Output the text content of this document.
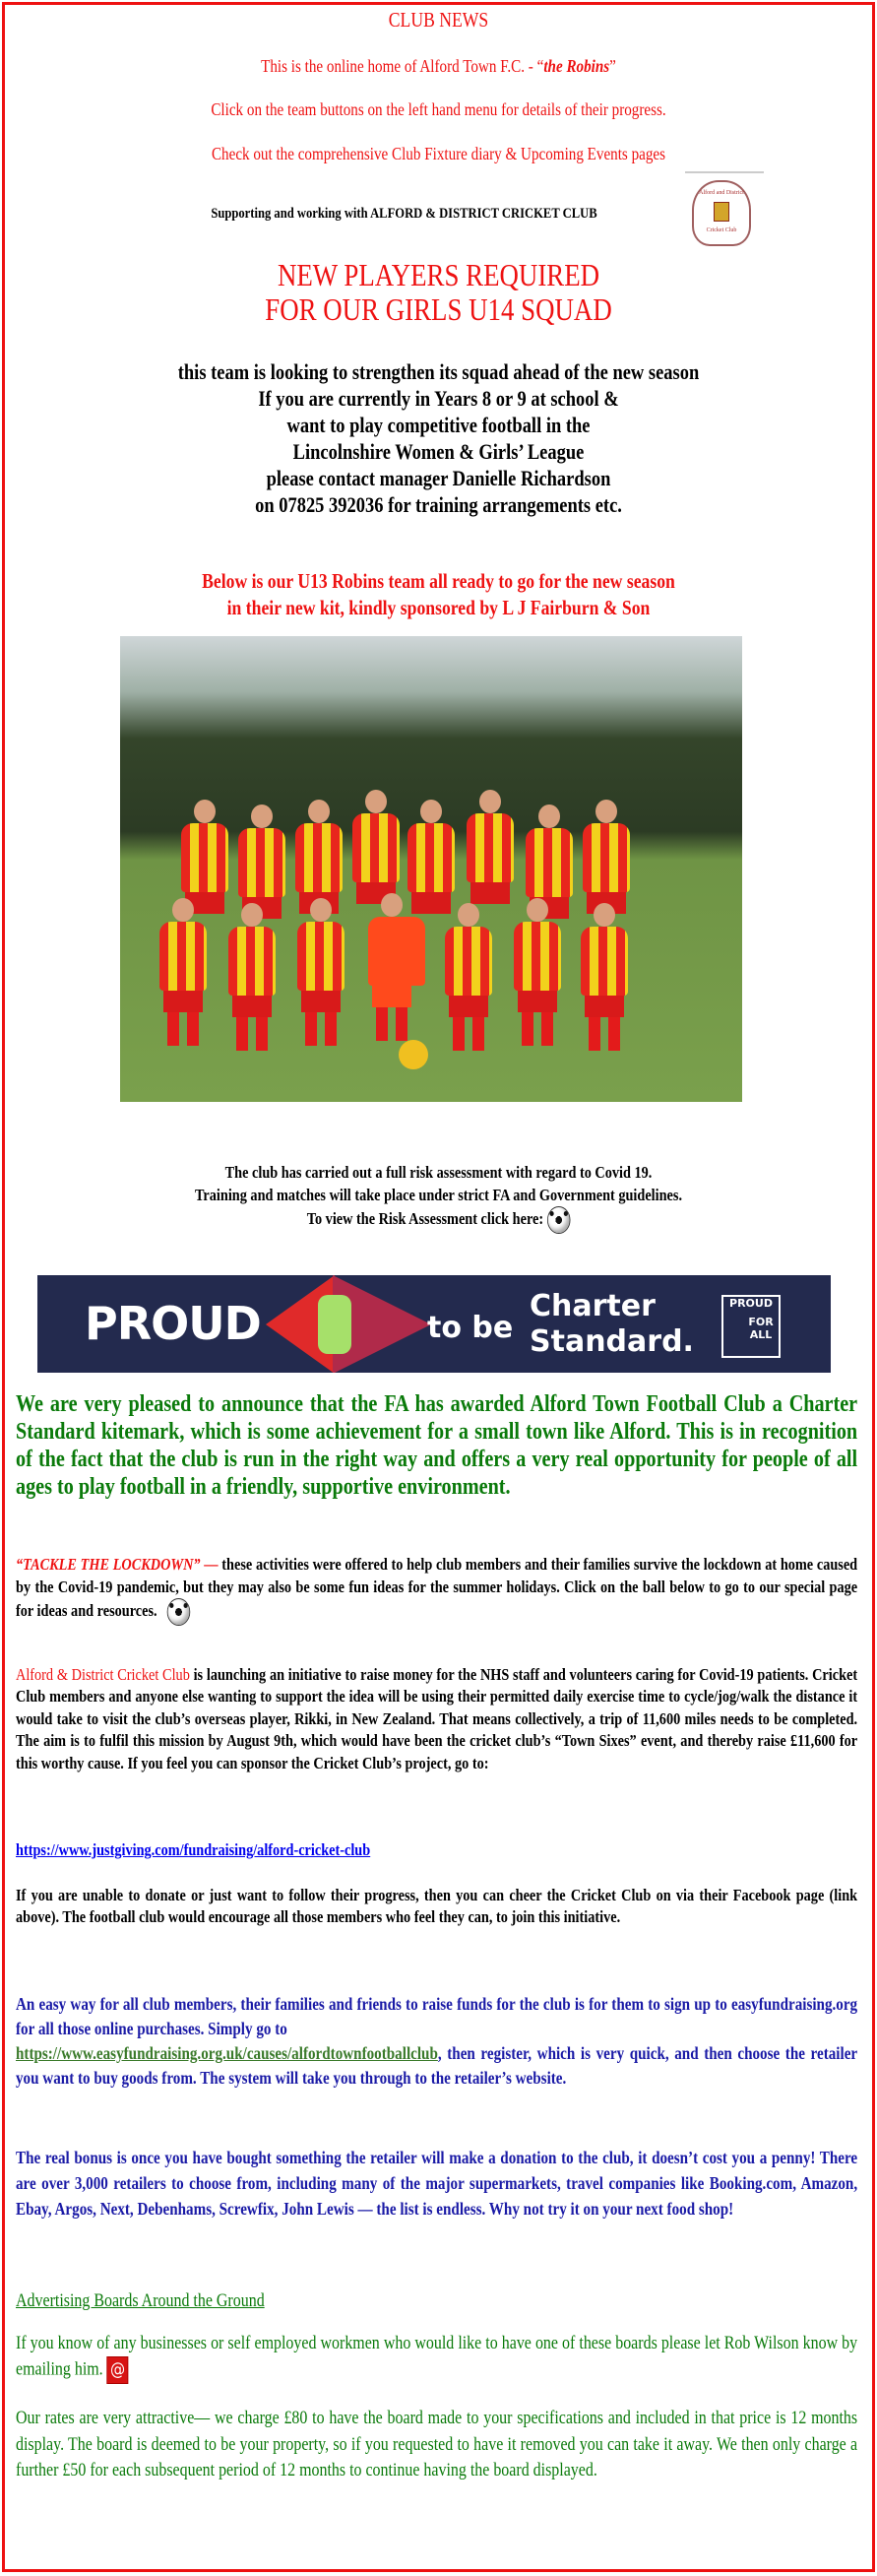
CLUB NEWS
This is the online home of Alford Town F.C. - “the Robins”
Click on the team buttons on the left hand menu for details of their progress.
Check out the comprehensive Club Fixture diary & Upcoming Events pages
Supporting and working with ALFORD & DISTRICT CRICKET CLUB
Alford and District
Cricket Club
NEW PLAYERS REQUIRED
FOR OUR GIRLS U14 SQUAD
this team is looking to strengthen its squad ahead of the new season
If you are currently in Years 8 or 9 at school &
want to play competitive football in the
Lincolnshire Women & Girls’ League
please contact manager Danielle Richardson
on 07825 392036 for training arrangements etc.
Below is our U13 Robins team all ready to go for the new season
in their new kit, kindly sponsored by L J Fairburn & Son
The club has carried out a full risk assessment with regard to Covid 19.
Training and matches will take place under strict FA and Government guidelines.
To view the Risk Assessment click here:
PROUD	to be
Charter
Standard.
PROUD
FOR
ALL
We are very pleased to announce that the FA has awarded Alford Town Football Club a Charter Standard kitemark, which is some achievement for a small town like Alford. This is in recognition of the fact that the club is run in the right way and offers a very real opportunity for people of all ages to play football in a friendly, supportive environment.
“TACKLE THE LOCKDOWN” — these activities were offered to help club members and their families survive the lockdown at home caused by the Covid-19 pandemic, but they may also be some fun ideas for the summer holidays. Click on the ball below to go to our special page for ideas and resources.
Alford & District Cricket Club is launching an initiative to raise money for the NHS staff and volunteers caring for Covid-19 patients. Cricket Club members and anyone else wanting to support the idea will be using their permitted daily exercise time to cycle/jog/walk the distance it would take to visit the club’s overseas player, Rikki, in New Zealand. That means collectively, a trip of 11,600 miles needs to be completed. The aim is to fulfil this mission by August 9th, which would have been the cricket club’s “Town Sixes” event, and thereby raise £11,600 for this worthy cause. If you feel you can sponsor the Cricket Club’s project, go to:
https://www.justgiving.com/fundraising/alford-cricket-club
If you are unable to donate or just want to follow their progress, then you can cheer the Cricket Club on via their Facebook page (link above). The football club would encourage all those members who feel they can, to join this initiative.
An easy way for all club members, their families and friends to raise funds for the club is for them to sign up to easyfundraising.org for all those online purchases. Simply go to
https://www.easyfundraising.org.uk/causes/alfordtownfootballclub, then register, which is very quick, and then choose the retailer you want to buy goods from. The system will take you through to the retailer’s website.
The real bonus is once you have bought something the retailer will make a donation to the club, it doesn’t cost you a penny! There are over 3,000 retailers to choose from, including many of the major supermarkets, travel companies like Booking.com, Amazon, Ebay, Argos, Next, Debenhams, Screwfix, John Lewis — the list is endless. Why not try it on your next food shop!
Advertising Boards Around the Ground
If you know of any businesses or self employed workmen who would like to have one of these boards please let Rob Wilson know by emailing him. @
Our rates are very attractive— we charge £80 to have the board made to your specifications and included in that price is 12 months display. The board is deemed to be your property, so if you requested to have it removed you can take it away. We then only charge a further £50 for each subsequent period of 12 months to continue having the board displayed.
